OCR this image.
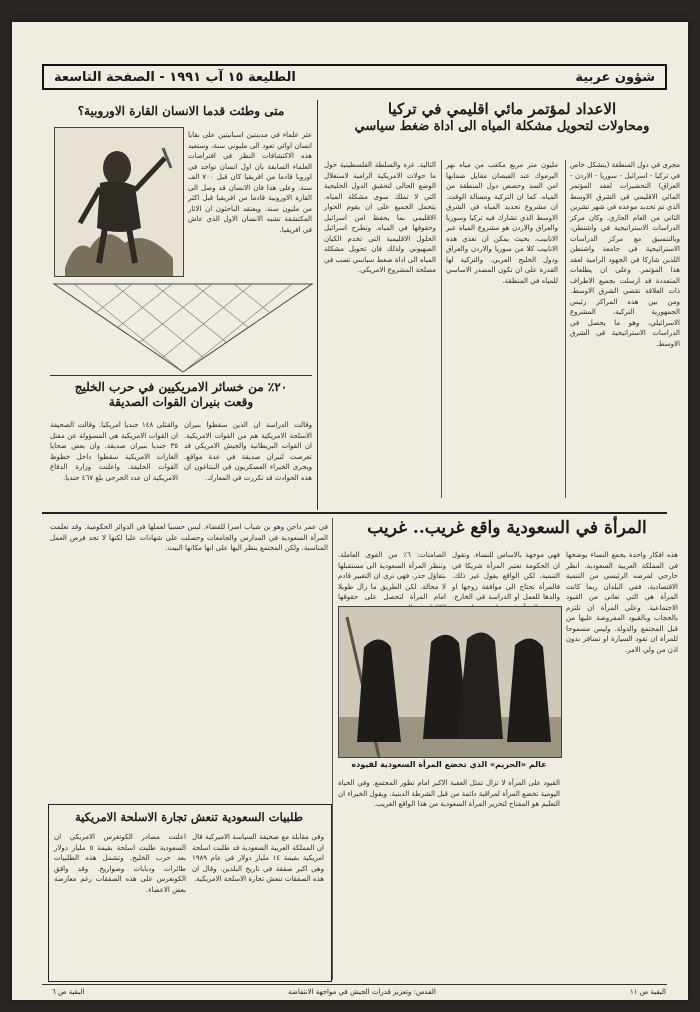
شؤون عربية
الطليعة ١٥ آب ١٩٩١ - الصفحة التاسعة
الاعداد لمؤتمر مائي اقليمي في تركيا
ومحاولات لتحويل مشكلة المياه الى اداة ضغط سياسي
مجرى في دول المنطقة (ينشكل خاص في تركيا - اسرائيل - سوريا - الاردن - العراق) التحضيرات لعقد المؤتمر المائي الاقليمي في الشرق الاوسط الذي تم تحديد موعده في شهر تشرين الثاني من العام الجاري. وكان مركز الدراسات الاستراتيجية في واشنطن، وبالتنسيق مع مركز الدراسات الاستراتيجية في جامعة واشنطن اللذين شاركا في الجهود الرامية لعقد هذا المؤتمر. وعلى ان يطلعات المتعددة قد ارسلت بجميع الاطراف ذات العلاقة تقضي الشرق الاوسط. ومن بين هذه المراكز رئيس الجمهورية التركية، المشروع الاسرائيلي، وهو ما يحصل في الدراسات الاستراتيجية في الشرق الاوسط.
مليون متر مربع مكعب من مياه نهر اليرموك عند الفيضان مقابل ضمانها امن السد وحصص دول المنطقة من المياه. كما ان التركية ومسالة الوقت. ان مشروع تحديد المياه في الشرق الاوسط الذي تشارك فيه تركيا وسوريا والعراق والاردن هو مشروع المياه عبر الانابيب، بحيث يمكن ان تغذي هذه الانابيب كلا من سوريا والاردن والعراق ودول الخليج العربي. والتركية لها القدرة على ان تكون المصدر الاساسي للمياه في المنطقة.
التالية. غزة والسلطة الفلسطينية حول ما حولات الامريكية الرامية لاستغلال الوضع الحالي لتحقيق الدول الخليجية التي لا تملك سوى مشكلة المياه. يتحمل الجميع على ان يقوم الحوار الاقليمي بما يحفظ امن اسرائيل وحقوقها في المياه. وتطرح اسرائيل الحلول الاقليمية التي تخدم الكيان الصهيوني ولذلك فان تحويل مشكلة المياه الى اداة ضغط سياسي تصب في مصلحة المشروع الامريكي.
متى وطئت قدما الانسان القارة الاوروبية؟
عثر علماء في مدينتين اسبانيتين على بقايا انسان اوائي تعود الى مليوني سنة، وستعيد هذه الاكتشافات النظر في افتراضات العلماء السابقة بان اول انسان تواجد في اوروبا قادما من افريقيا كان قبل ٧٠٠ الف سنة. وعلى هذا فان الانسان قد وصل الى القارة الاوروبية قادما من افريقيا قبل اكثر من مليون سنة. ويعتقد الباحثون ان الاثار المكتشفة تشبه الانسان الاول الذي عاش في افريقيا.
٢٠٪ من خسائر الامريكيين في حرب الخليج
وقعت بنيران القوات الصديقة
وقالت الدراسة ان الذين سقطوا بنيران الاسلحة الامريكية هم من القوات الامريكية. ان القوات البريطانية والجيش الامريكي قد تعرضت لنيران صديقة في عدة مواقع. ويجرى الخبراء العسكريون في البنتاغون ان هذه الحوادث قد تكررت في المعارك.
والقتلى ١٤٨ جنديا امريكيا. وقالت الصحيفة ان القوات الامريكية هي المسؤولة عن مقتل ٣٥ جنديا بنيران صديقة. وان بعض ضحايا الغارات الامريكية سقطوا داخل خطوط القوات الحليفة. واعلنت وزارة الدفاع الامريكية ان عدد الجرحى بلغ ٤٦٧ جنديا.
المرأة في السعودية واقع غريب.. غريب
هذه افكار واحدة يجمع النساء يوضحها في المملكة العربية السعودية. انظر خارجي لمرضه الرئيسي من التنمية الاقتصادية، ففي البلدان ربما كانت المرأة هي التي تعاني من القيود الاجتماعية. وعلى المرأة ان تلتزم بالحجاب وبالقيود المفروضة عليها من قبل المجتمع والدولة. وليس مسموحا للمرأة ان تقود السيارة او تسافر بدون اذن من ولي الامر.
فهي موجهة بالاساس للنساء. وتقول ان الحكومة تعتبر المرأة شريكا في التنمية، لكن الواقع يقول غير ذلك. فالمرأة تحتاج الى موافقة زوجها او والدها للعمل او الدراسة في الخارج.
الصامتات: ٦٪ من القوى العاملة. وتنظر المرأة السعودية الى مستقبلها بتفاؤل حذر، فهي ترى ان التغيير قادم لا محالة. لكن الطريق ما زال طويلا امام المرأة لتحصل على حقوقها
عالم «الحريم» الذي تخضع المرأة السعودية لقيوده
القيود على المرأة لا تزال تمثل العقبة الاكبر امام تطور المجتمع. وفي الحياة اليومية تخضع المرأة لمراقبة دائمة من قبل الشرطة الدينية. ويقول الخبراء ان التعليم هو المفتاح لتحرير المرأة السعودية من هذا الواقع الغريب.
في عمر داجن وهو بن شباب اصرا للقضاء. ليس حسبيا لعملها في الدوائر الحكومية. وقد تعلمت المرأة السعودية في المدارس والجامعات وحصلت على شهادات عليا لكنها لا تجد فرص العمل المناسبة. ولكن المجتمع ينظر اليها على انها مكانها البيت.
طلبيات السعودية تنعش تجارة الاسلحة الامريكية
وفي مقابلة مع صحيفة السياسة الاميركية قال ان المملكة العربية السعودية قد طلبت اسلحة امريكية بقيمة ١٤ مليار دولار في عام ١٩٨٩ وهي اكبر صفقة في تاريخ البلدين. وقال ان هذه الصفقات تنعش تجارة الاسلحة الامريكية.
اعلنت مصادر الكونغرس الامريكي ان السعودية طلبت اسلحة بقيمة ٥ مليار دولار بعد حرب الخليج. وتشمل هذه الطلبيات طائرات ودبابات وصواريخ. وقد وافق الكونغرس على هذه الصفقات رغم معارضة بعض الاعضاء.
البقية ص ١١
القدس: وتعزيز قدرات الجيش في مواجهة الانتفاضة
البقية ص ٦
